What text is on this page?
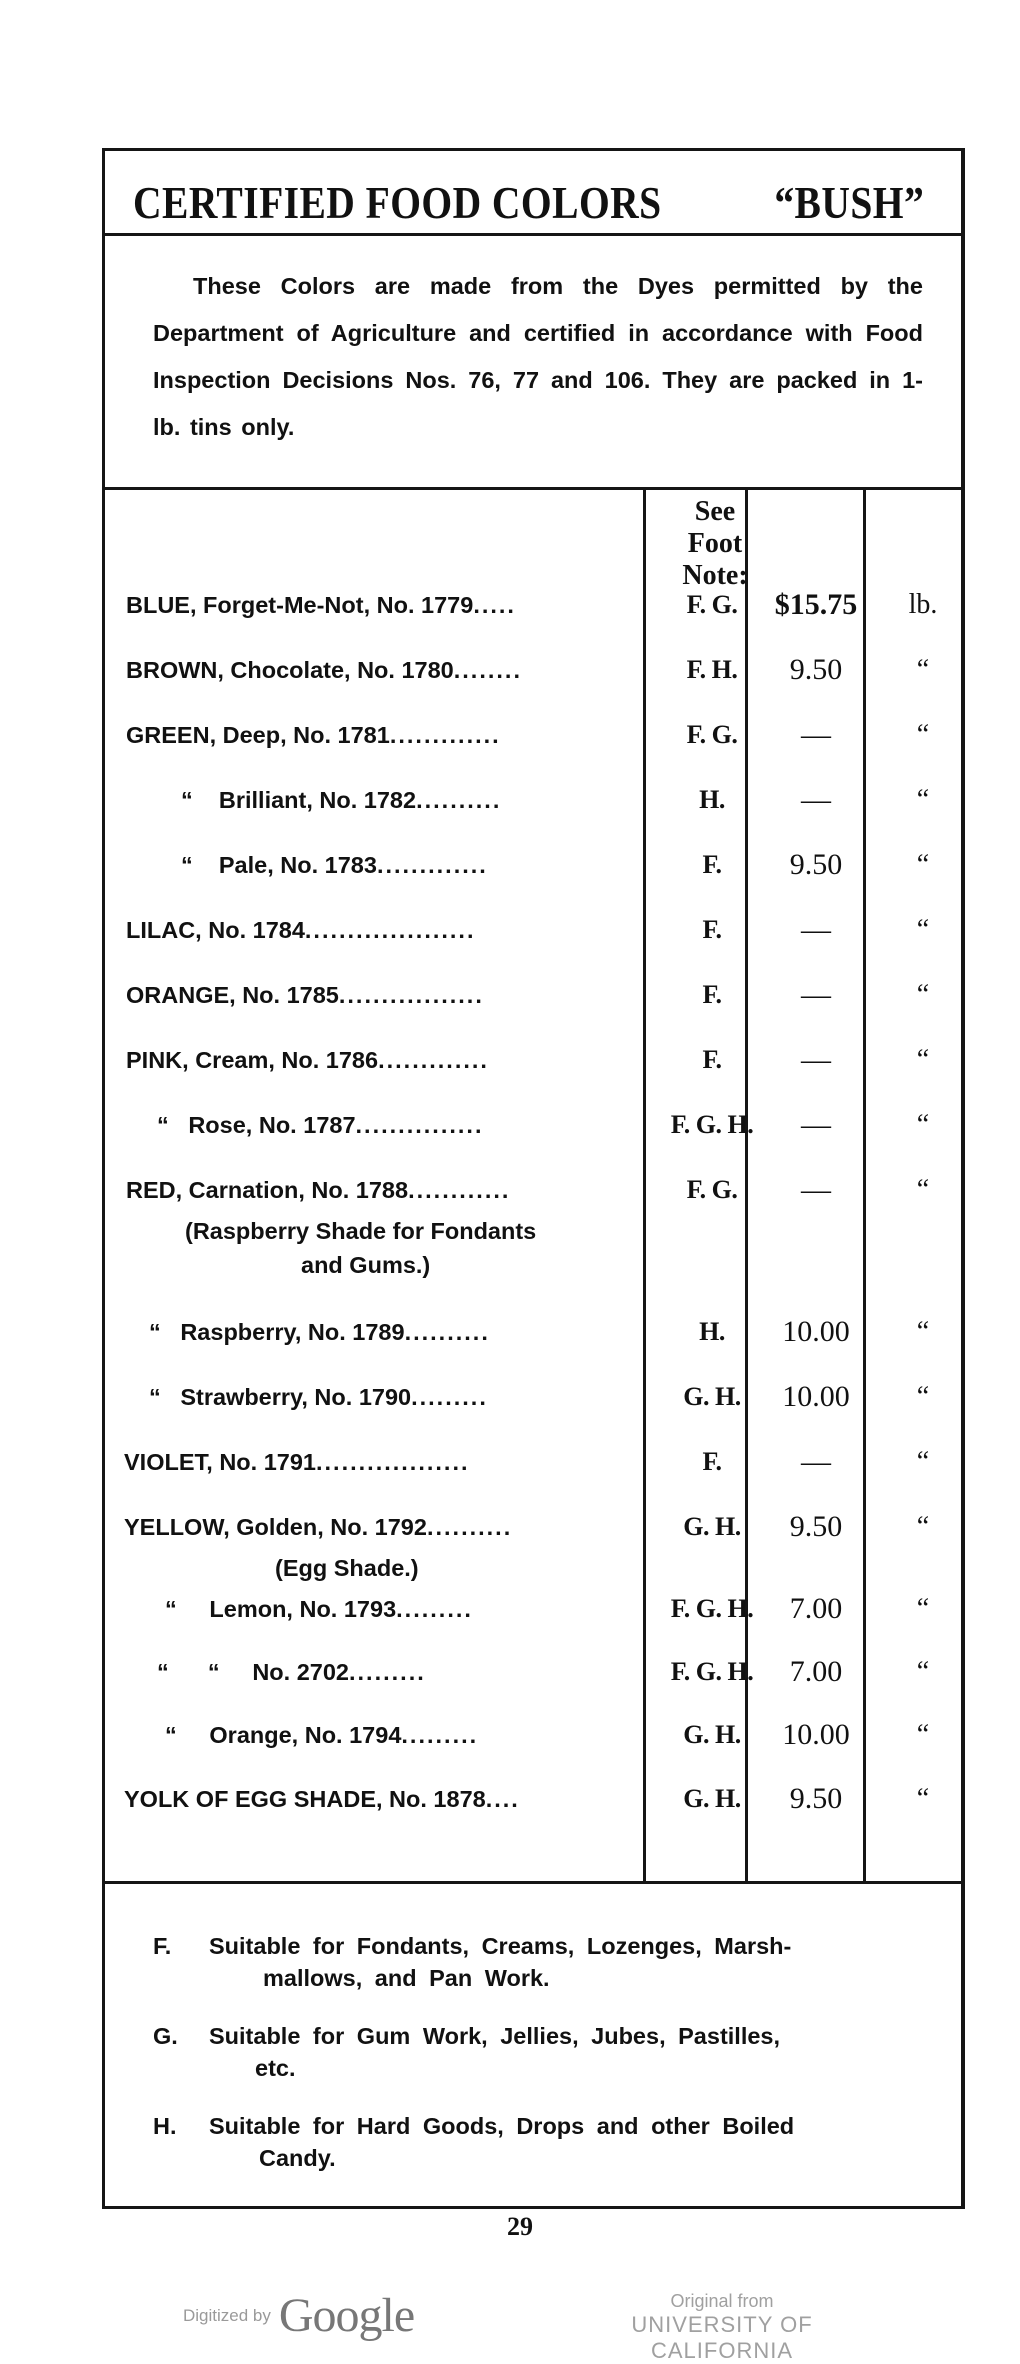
CERTIFIED FOOD COLORS “BUSH”
These Colors are made from the Dyes permitted by the Department of Agriculture and certified in accordance with Food Inspection Decisions Nos. 76, 77 and 106. They are packed in 1-lb. tins only.
See
Foot
Note:
BLUE, Forget-Me-Not, No. 1779.....	F. G.	$15.75	lb.
BROWN, Chocolate, No. 1780........	F. H.	9.50	“
GREEN, Deep, No. 1781.............	F. G.	—	“
“    Brilliant, No. 1782..........	H.	—	“
“    Pale, No. 1783.............	F.	9.50	“
LILAC, No. 1784....................	F.	—	“
ORANGE, No. 1785.................	F.	—	“
PINK, Cream, No. 1786.............	F.	—	“
“   Rose, No. 1787...............	F. G. H.	—	“
RED, Carnation, No. 1788............	F. G.	—	“
(Raspberry Shade for Fondants
and Gums.)
“   Raspberry, No. 1789..........	H.	10.00	“
“   Strawberry, No. 1790.........	G. H.	10.00	“
VIOLET, No. 1791..................	F.	—	“
YELLOW, Golden, No. 1792..........	G. H.	9.50	“
(Egg Shade.)
“     Lemon, No. 1793.........	F. G. H.	7.00	“
“      “     No. 2702.........	F. G. H.	7.00	“
“     Orange, No. 1794.........	G. H.	10.00	“
YOLK OF EGG SHADE, No. 1878....	G. H.	9.50	“
F. Suitable for Fondants, Creams, Lozenges, Marsh-
mallows, and Pan Work.
G. Suitable for Gum Work, Jellies, Jubes, Pastilles,
etc.
H. Suitable for Hard Goods, Drops and other Boiled
Candy.
29
Digitized by Google	Original from
UNIVERSITY OF CALIFORNIA
